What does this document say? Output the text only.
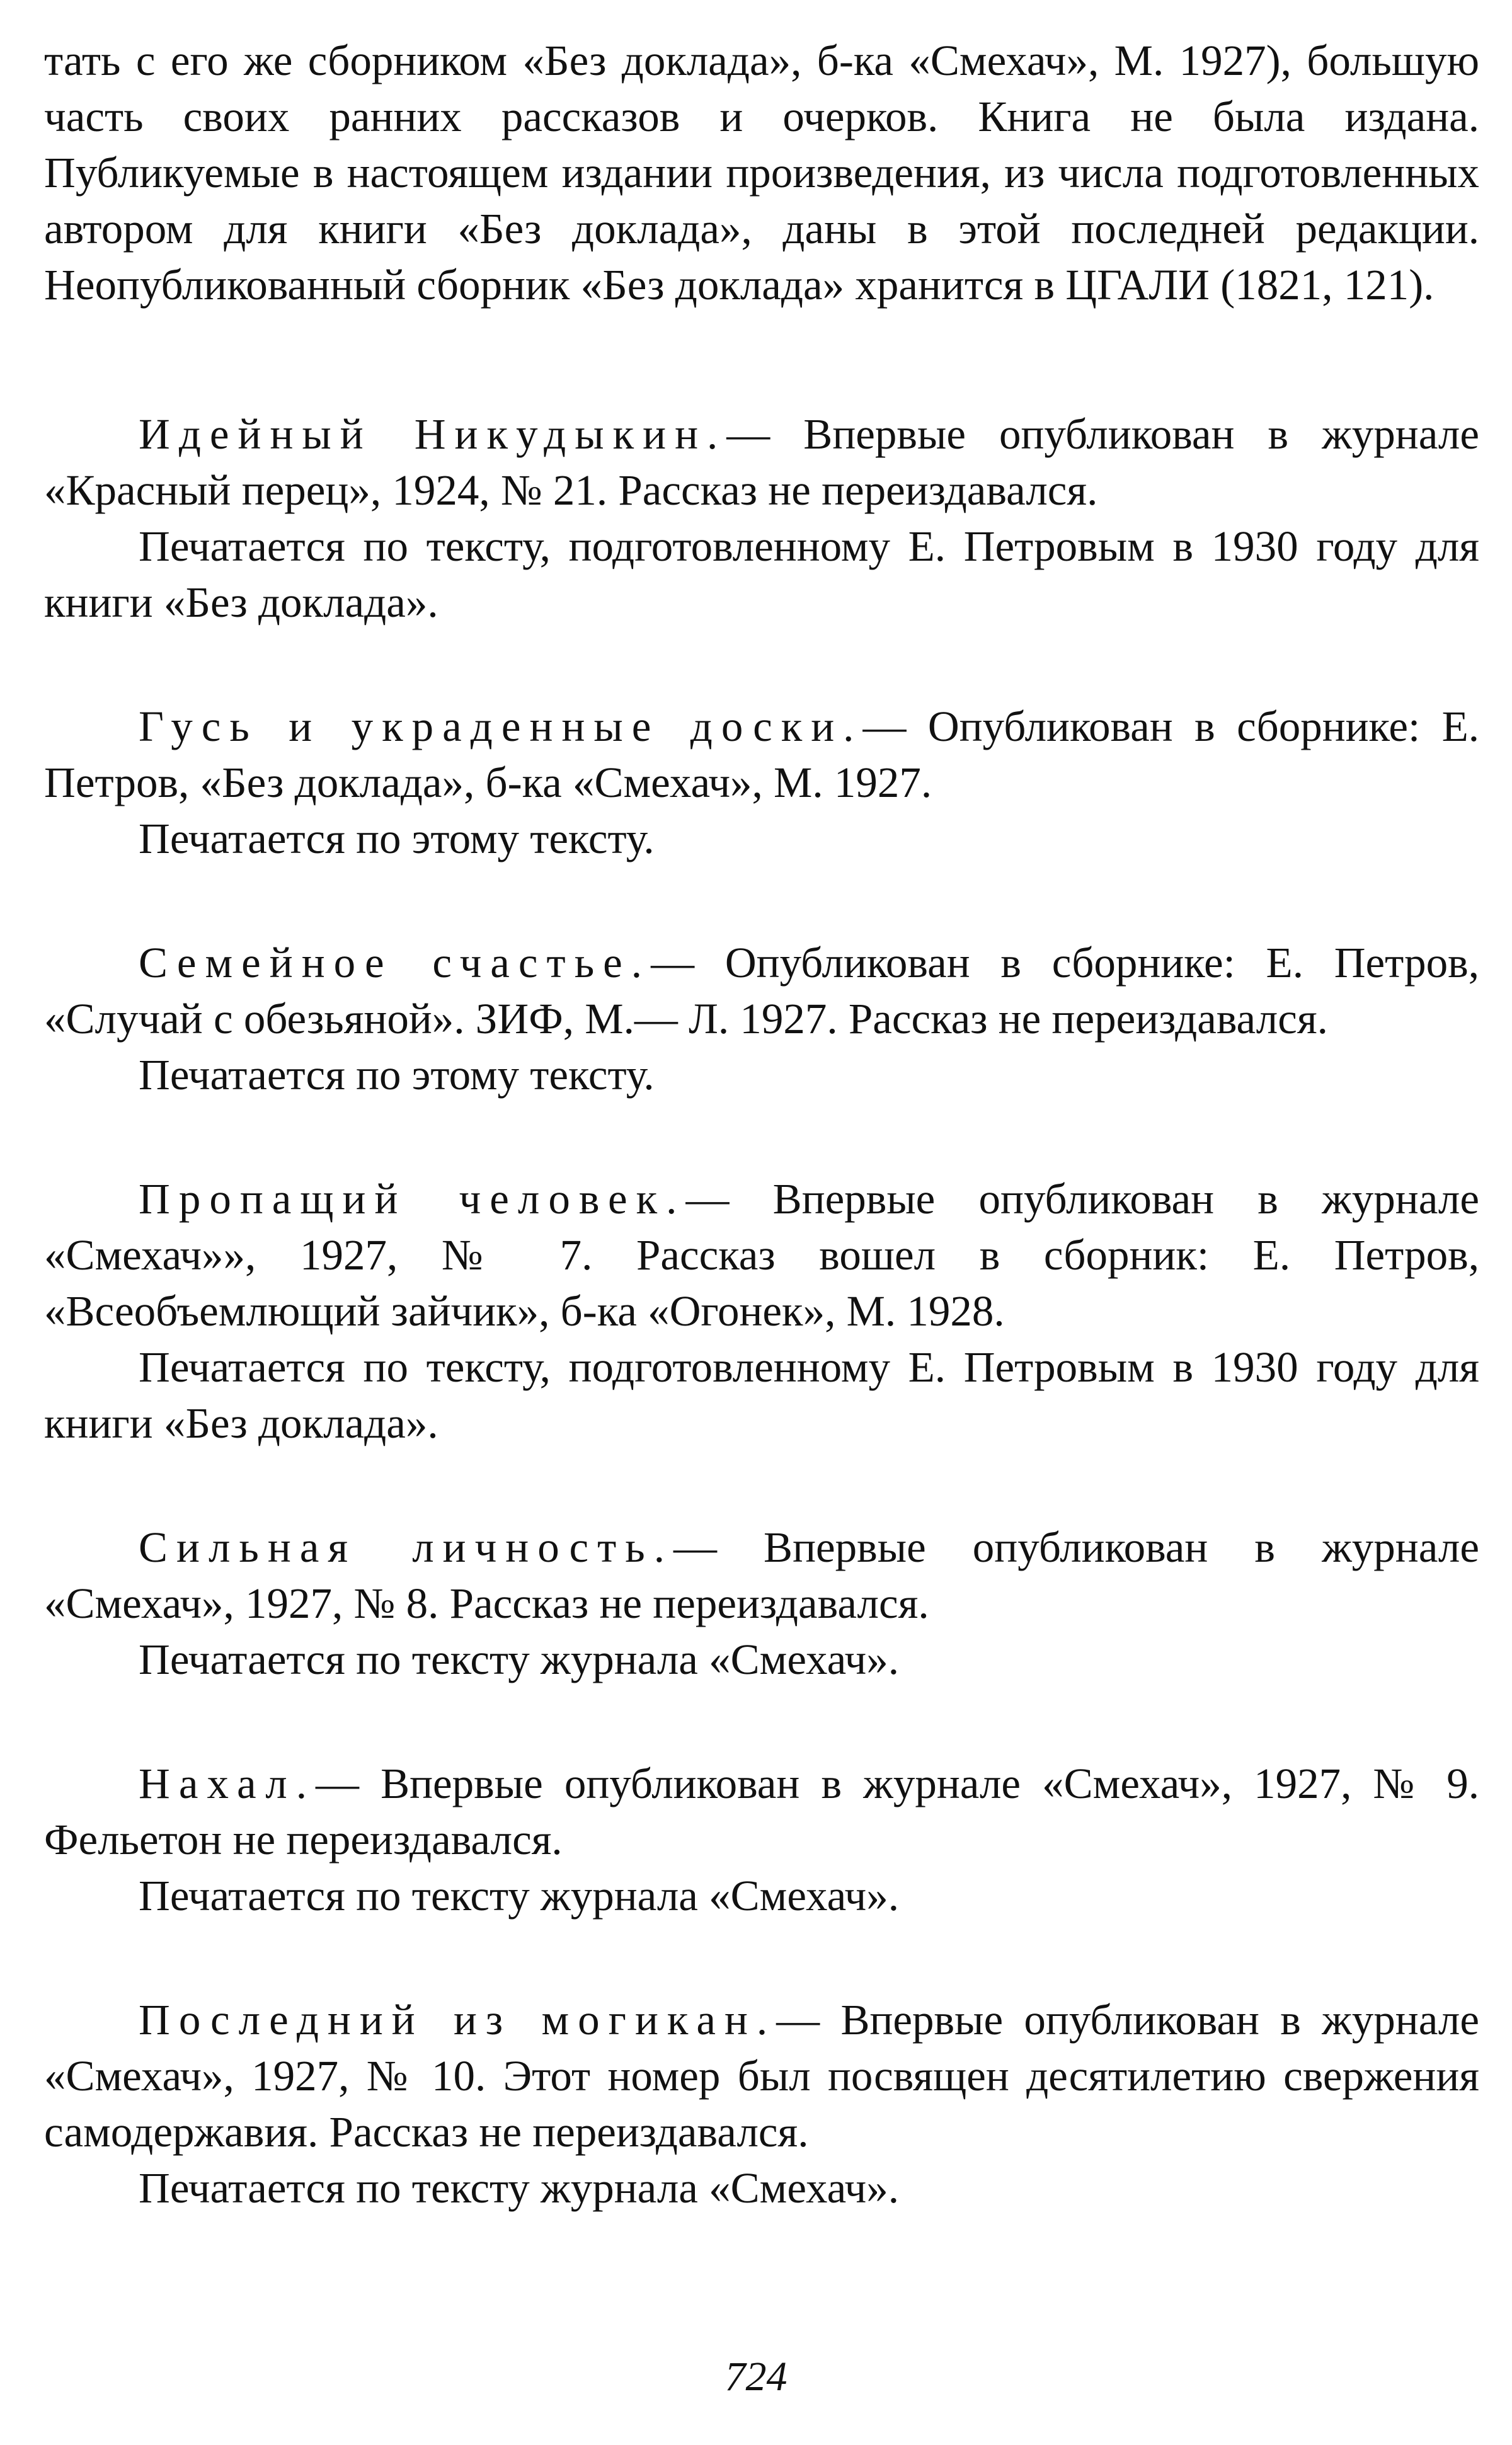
тать с его же сборником «Без доклада», б-ка «Смехач», М. 1927), большую часть своих ранних рассказов и очерков. Книга не была издана. Публикуемые в настоящем издании произведения, из числа подготовленных автором для книги «Без доклада», даны в этой последней редакции. Неопубликованный сборник «Без доклада» хранится в ЦГАЛИ (1821, 121).

Идейный Никудыкин.— Впервые опубликован в журнале «Красный перец», 1924, № 21. Рассказ не переиздавался.

Печатается по тексту, подготовленному Е. Петровым в 1930 году для книги «Без доклада».

Гусь и украденные доски.— Опубликован в сборнике: Е. Петров, «Без доклада», б-ка «Смехач», М. 1927.

Печатается по этому тексту.

Семейное счастье.— Опубликован в сборнике: Е. Петров, «Случай с обезьяной». ЗИФ, М.— Л. 1927. Рассказ не переиздавался.

Печатается по этому тексту.

Пропащий человек.— Впервые опубликован в журнале «Смехач»», 1927, № 7. Рассказ вошел в сборник: Е. Петров, «Всеобъемлющий зайчик», б-ка «Огонек», М. 1928.

Печатается по тексту, подготовленному Е. Петровым в 1930 году для книги «Без доклада».

Сильная личность.— Впервые опубликован в журнале «Смехач», 1927, № 8. Рассказ не переиздавался.

Печатается по тексту журнала «Смехач».

Нахал.— Впервые опубликован в журнале «Смехач», 1927, № 9. Фельетон не переиздавался.

Печатается по тексту журнала «Смехач».

Последний из могикан.— Впервые опубликован в журнале «Смехач», 1927, № 10. Этот номер был посвящен десятилетию свержения самодержавия. Рассказ не переиздавался.

Печатается по тексту журнала «Смехач».

724
